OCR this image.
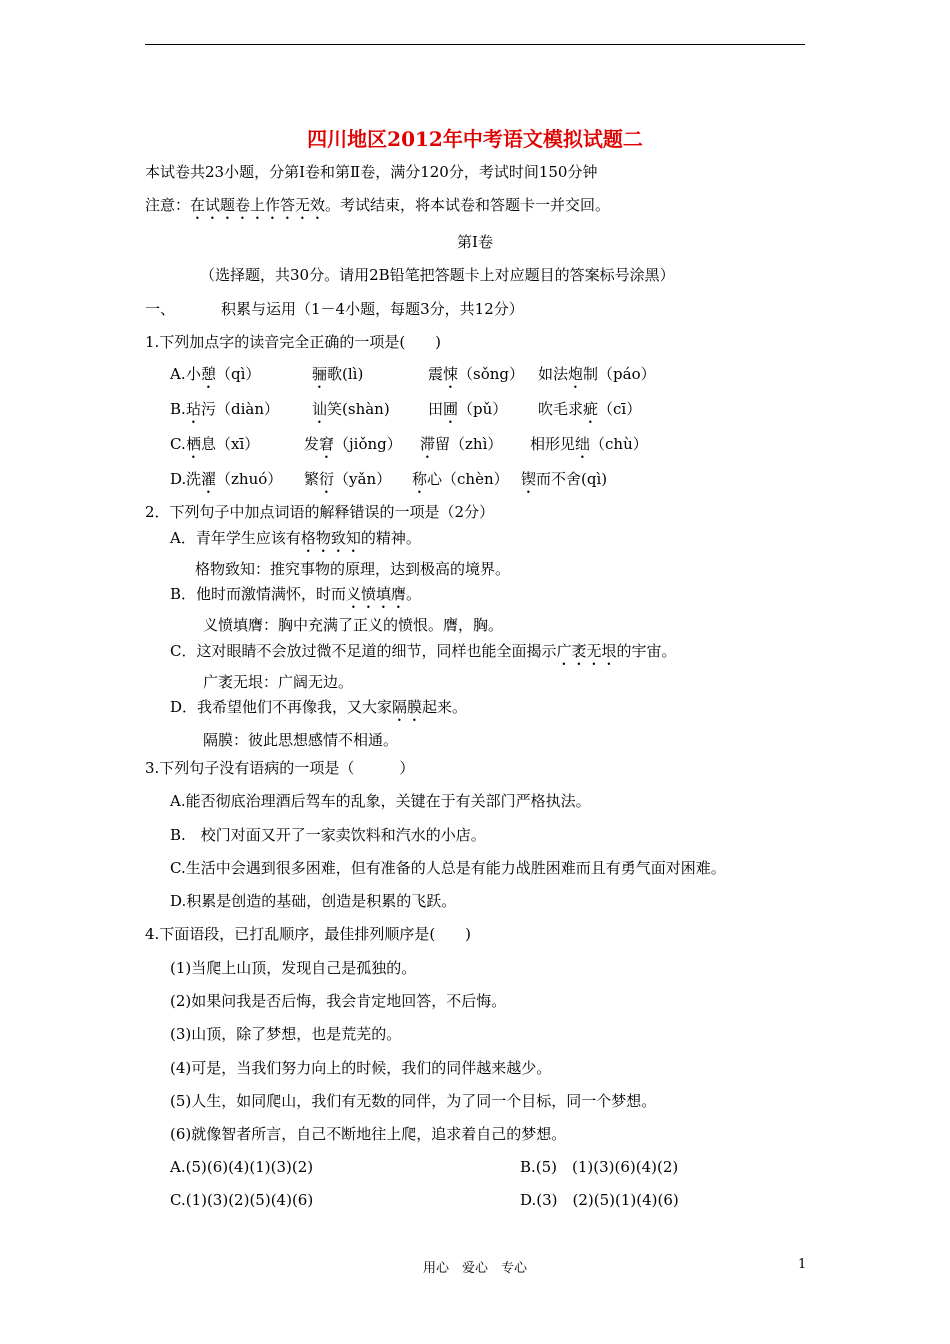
四川地区2012年中考语文模拟试题二
本试卷共23小题，分第Ⅰ卷和第Ⅱ卷，满分120分，考试时间150分钟
注意：在试题卷上作答无效。考试结束，将本试卷和答题卡一并交回。
第Ⅰ卷
（选择题，共30分。请用2B铅笔把答题卡上对应题目的答案标号涂黑）
一、	积累与运用（1－4小题，每题3分，共12分）
1.下列加点字的读音完全正确的一项是(　　)
A. 小憩（qì）	骊歌(lì)	震悚（sǒng） 如法炮制（páo）
B. 玷污（diàn） 讪笑(shàn)	田圃（pǔ） 吹毛求疵（cī）
C. 栖息（xī）	发窘（jiǒng） 滞留（zhì） 相形见绌（chù）
D. 洗濯（zhuó） 繁衍（yǎn） 称心（chèn） 锲而不舍(qì)
2．下列句子中加点词语的解释错误的一项是（2分）
A．青年学生应该有格物致知的精神。
格物致知：推究事物的原理，达到极高的境界。
B．他时而激情满怀，时而义愤填膺。
义愤填膺：胸中充满了正义的愤恨。膺，胸。
C．这对眼睛不会放过微不足道的细节，同样也能全面揭示广袤无垠的宇宙。
广袤无垠：广阔无边。
D．我希望他们不再像我，又大家隔膜起来。
隔膜：彼此思想感情不相通。
3.下列句子没有语病的一项是（　　　）
A.能否彻底治理酒后驾车的乱象，关键在于有关部门严格执法。
B.　校门对面又开了一家卖饮料和汽水的小店。
C.生活中会遇到很多困难，但有准备的人总是有能力战胜困难而且有勇气面对困难。
D.积累是创造的基础，创造是积累的飞跃。
4.下面语段，已打乱顺序，最佳排列顺序是(　　)
(1)当爬上山顶，发现自己是孤独的。
(2)如果问我是否后悔，我会肯定地回答，不后悔。
(3)山顶，除了梦想，也是荒芜的。
(4)可是，当我们努力向上的时候，我们的同伴越来越少。
(5)人生，如同爬山，我们有无数的同伴，为了同一个目标，同一个梦想。
(6)就像智者所言，自己不断地往上爬，追求着自己的梦想。
A.(5)(6)(4)(1)(3)(2)	B.(5)　(1)(3)(6)(4)(2)
C.(1)(3)(2)(5)(4)(6)	D.(3)　(2)(5)(1)(4)(6)
用心　爱心　专心	1
